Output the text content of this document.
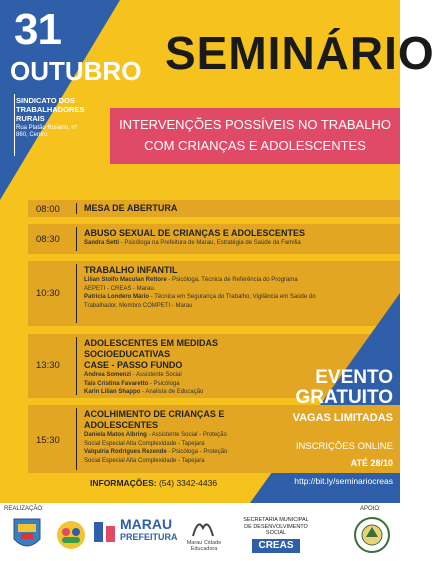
31
OUTUBRO
SINDICATO DOS TRABALHADORES RURAIS
Rua Platão Rosario, nº 860, Centro
SEMINÁRIO
INTERVENÇÕES POSSÍVEIS NO TRABALHO
COM CRIANÇAS E ADOLESCENTES
08:00	MESA DE ABERTURA
08:30
ABUSO SEXUAL DE CRIANÇAS E ADOLESCENTES
Sandra Setti - Psicóloga na Prefeitura de Marau, Estratégia de Saúde da Família
10:30
TRABALHO INFANTIL
Lilian Stolfo Maculan Rettore - Psicóloga, Técnica de Referência do Programa
AEPETI - CREAS - Marau.
Patrícia Londero Mário - Técnica em Segurança do Trabalho, Vigilância em Saúde do
Trabalhador, Membro COMPETI - Marau
13:30
ADOLESCENTES EM MEDIDAS SOCIOEDUCATIVAS
CASE - PASSO FUNDO
Andrea Somenzi - Assistente Social
Taís Cristina Favaretto - Psicóloga
Karin Lilian Shappo - Analista de Educação
15:30
ACOLHIMENTO DE CRIANÇAS E
ADOLESCENTES
Daniela Matos Albring - Assistente Social - Proteção
Social Especial Alta Complexidade - Tapejara
Valquíria Rodrigues Rezende - Psicóloga - Proteção
Social Especial Alta Complexidade - Tapejara
EVENTO
GRATUITO
VAGAS LIMITADAS
INSCRIÇÕES ONLINE
ATÉ 28/10
http://bit.ly/seminariocreas
INFORMAÇÕES: (54) 3342-4436
REALIZAÇÃO:	APOIO:
MARAU
PREFEITURA
Marau Cidade Educadora
SECRETARIA MUNICIPAL DE DESENVOLVIMENTO SOCIAL
CREAS
